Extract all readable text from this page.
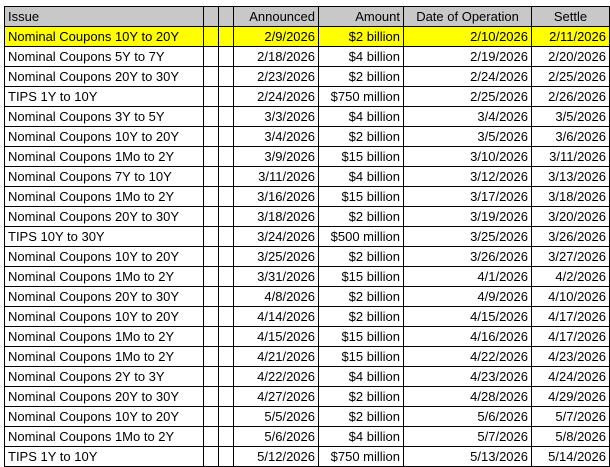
Issue			Announced	Amount	Date of Operation	Settle
Nominal Coupons 10Y to 20Y			2/9/2026	$2 billion	2/10/2026	2/11/2026
Nominal Coupons 5Y to 7Y			2/18/2026	$4 billion	2/19/2026	2/20/2026
Nominal Coupons 20Y to 30Y			2/23/2026	$2 billion	2/24/2026	2/25/2026
TIPS 1Y to 10Y			2/24/2026	$750 million	2/25/2026	2/26/2026
Nominal Coupons 3Y to 5Y			3/3/2026	$4 billion	3/4/2026	3/5/2026
Nominal Coupons 10Y to 20Y			3/4/2026	$2 billion	3/5/2026	3/6/2026
Nominal Coupons 1Mo to 2Y			3/9/2026	$15 billion	3/10/2026	3/11/2026
Nominal Coupons 7Y to 10Y			3/11/2026	$4 billion	3/12/2026	3/13/2026
Nominal Coupons 1Mo to 2Y			3/16/2026	$15 billion	3/17/2026	3/18/2026
Nominal Coupons 20Y to 30Y			3/18/2026	$2 billion	3/19/2026	3/20/2026
TIPS 10Y to 30Y			3/24/2026	$500 million	3/25/2026	3/26/2026
Nominal Coupons 10Y to 20Y			3/25/2026	$2 billion	3/26/2026	3/27/2026
Nominal Coupons 1Mo to 2Y			3/31/2026	$15 billion	4/1/2026	4/2/2026
Nominal Coupons 20Y to 30Y			4/8/2026	$2 billion	4/9/2026	4/10/2026
Nominal Coupons 10Y to 20Y			4/14/2026	$2 billion	4/15/2026	4/17/2026
Nominal Coupons 1Mo to 2Y			4/15/2026	$15 billion	4/16/2026	4/17/2026
Nominal Coupons 1Mo to 2Y			4/21/2026	$15 billion	4/22/2026	4/23/2026
Nominal Coupons 2Y to 3Y			4/22/2026	$4 billion	4/23/2026	4/24/2026
Nominal Coupons 20Y to 30Y			4/27/2026	$2 billion	4/28/2026	4/29/2026
Nominal Coupons 10Y to 20Y			5/5/2026	$2 billion	5/6/2026	5/7/2026
Nominal Coupons 1Mo to 2Y			5/6/2026	$4 billion	5/7/2026	5/8/2026
TIPS 1Y to 10Y			5/12/2026	$750 million	5/13/2026	5/14/2026
